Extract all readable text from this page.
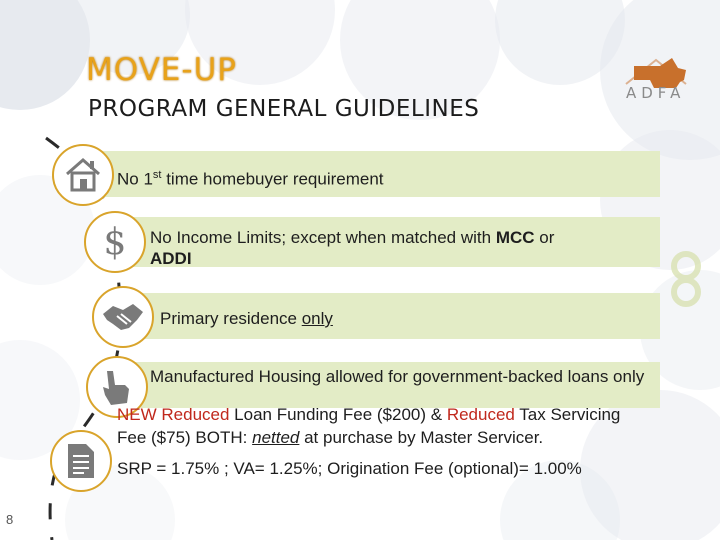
MOVE-UP
PROGRAM GENERAL GUIDELINES
ADFA
$
No 1st time homebuyer requirement
No Income Limits; except when matched with MCC or
ADDI
Primary residence only
Manufactured Housing allowed for government-backed loans only
NEW Reduced Loan Funding Fee ($200) & Reduced Tax Servicing Fee ($75) BOTH: netted at purchase by Master Servicer.
SRP = 1.75% ; VA= 1.25%; Origination Fee (optional)= 1.00%
8
